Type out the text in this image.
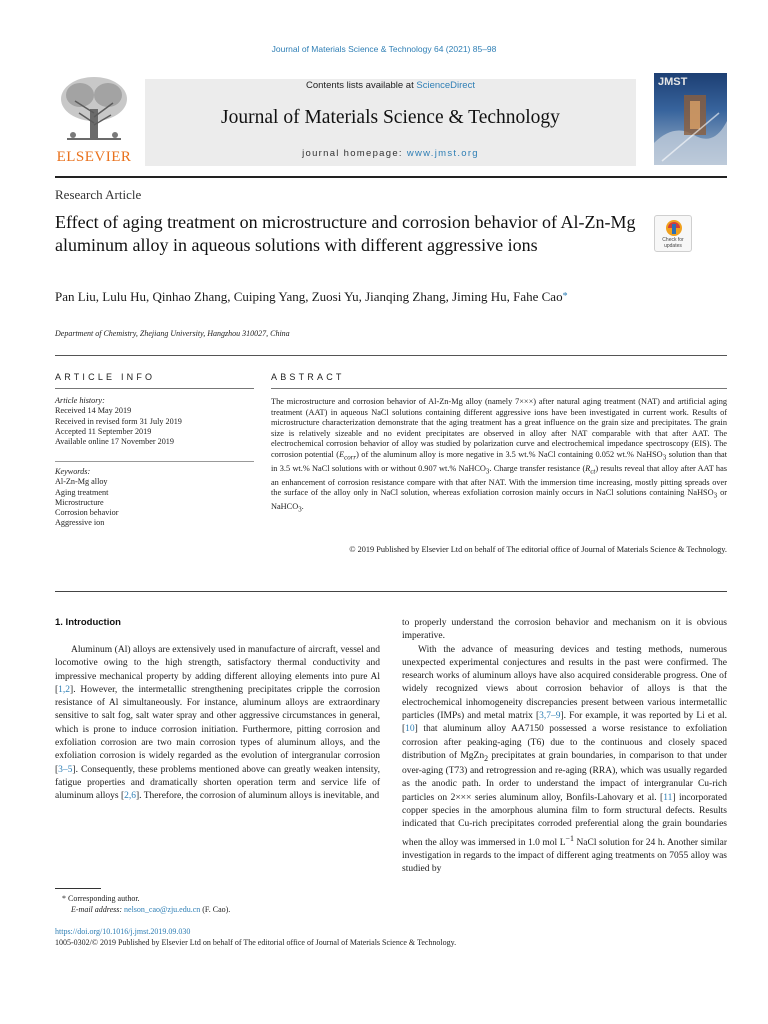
Journal of Materials Science & Technology 64 (2021) 85–98
ELSEVIER
Contents lists available at ScienceDirect
Journal of Materials Science & Technology
journal homepage: www.jmst.org
JMST
Research Article
Effect of aging treatment on microstructure and corrosion behavior of Al-Zn-Mg aluminum alloy in aqueous solutions with different aggressive ions	Check for updates
Pan Liu, Lulu Hu, Qinhao Zhang, Cuiping Yang, Zuosi Yu, Jianqing Zhang, Jiming Hu, Fahe Cao*
Department of Chemistry, Zhejiang University, Hangzhou 310027, China
ARTICLE INFO	ABSTRACT
Article history:
Received 14 May 2019
Received in revised form 31 July 2019
Accepted 11 September 2019
Available online 17 November 2019
Keywords:
Al-Zn-Mg alloy
Aging treatment
Microstructure
Corrosion behavior
Aggressive ion
The microstructure and corrosion behavior of Al-Zn-Mg alloy (namely 7×××) after natural aging treatment (NAT) and artificial aging treatment (AAT) in aqueous NaCl solutions containing different aggressive ions have been investigated in current work. Results of microstructure characterization demonstrate that the aging treatment has a great influence on the grain size and precipitates. The grain size is relatively sizeable and no evident precipitates are observed in alloy after NAT comparable with that after AAT. The electrochemical corrosion behavior of alloy was studied by polarization curve and electrochemical impedance spectroscopy (EIS). The corrosion potential $(E_{corr})$ of the aluminum alloy is more negative in 3.5 wt.% NaCl containing 0.052 wt.% NaHSO$_3$ solution than that in 3.5 wt.% NaCl solutions with or without 0.907 wt.% NaHCO$_3$. Charge transfer resistance $(R_{ct})$ results reveal that alloy after AAT has an enhancement of corrosion resistance compare with that after NAT. With the immersion time increasing, mostly pitting spreads over the surface of the alloy only in NaCl solution, whereas exfoliation corrosion mainly occurs in NaCl solutions containing NaHSO$_3$ or NaHCO$_3$.
© 2019 Published by Elsevier Ltd on behalf of The editorial office of Journal of Materials Science & Technology.
1. Introduction

Aluminum (Al) alloys are extensively used in manufacture of aircraft, vessel and locomotive owing to the high strength, satisfactory thermal conductivity and impressive mechanical property by adding different alloying elements into pure Al [1,2]. However, the intermetallic strengthening precipitates cripple the corrosion resistance of Al simultaneously. For instance, aluminum alloys are extraordinary sensitive to salt fog, salt water spray and other aggressive circumstances in general, which is prone to induce corrosion initiation. Furthermore, pitting corrosion and exfoliation corrosion are two main corrosion types of aluminum alloys, and the exfoliation corrosion is widely regarded as the evolution of intergranular corrosion [3–5]. Consequently, these problems mentioned above can greatly weaken intensity, fatigue properties and dramatically shorten operation term and service life of aluminum alloys [2,6]. Therefore, the corrosion of aluminum alloys is inevitable, and

to properly understand the corrosion behavior and mechanism on it is obvious imperative.

With the advance of measuring devices and testing methods, numerous unexpected experimental conjectures and results in the past were confirmed. The research works of aluminum alloys have also acquired considerable progress. One of widely recognized views about corrosion behavior of alloys is that the electrochemical inhomogeneity discrepancies present between various intermetallic particles (IMPs) and metal matrix [3,7–9]. For example, it was reported by Li et al. [10] that aluminum alloy AA7150 possessed a worse resistance to exfoliation corrosion after peaking-aging (T6) due to the continuous and closely spaced distribution of MgZn$_2$ precipitates at grain boundaries, in comparison to that under over-aging (T73) and retrogression and re-aging (RRA), which was usually regarded as the anodic path. In order to understand the impact of intergranular Cu-rich particles on 2××× series aluminum alloy, Bonfils-Lahovary et al. [11] incorporated copper species in the amorphous alumina film to form structural defects. Results indicated that Cu-rich precipitates corroded preferential along the grain boundaries when the alloy was immersed in 1.0 mol $L^{-1}$ NaCl solution for 24 h. Another similar investigation in regards to the impact of different aging treatments on 7055 alloy was studied by

* Corresponding author.
E-mail address: nelson_cao@zju.edu.cn (F. Cao).
https://doi.org/10.1016/j.jmst.2019.09.030
1005-0302/© 2019 Published by Elsevier Ltd on behalf of The editorial office of Journal of Materials Science & Technology.
